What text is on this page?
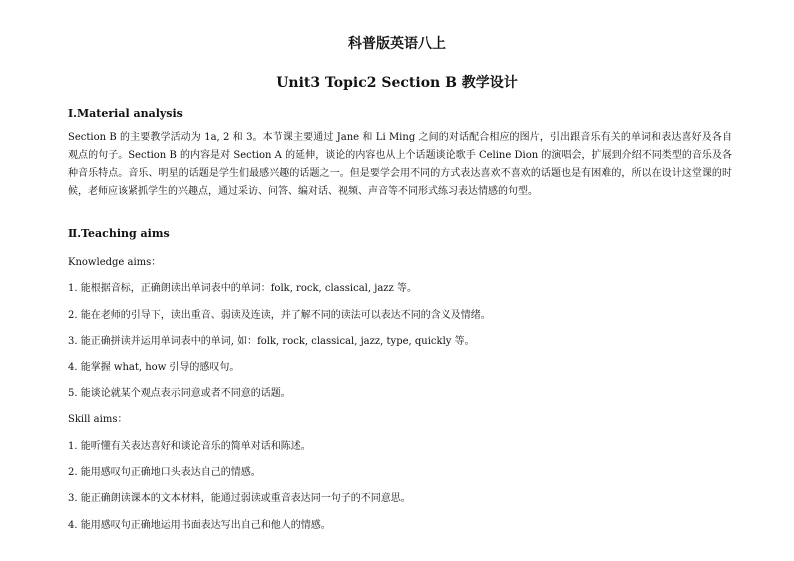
科普版英语八上
Unit3 Topic2 Section B 教学设计
Ⅰ.Material analysis
Section B 的主要教学活动为 1a, 2 和 3。本节课主要通过 Jane 和 Li Ming 之间的对话配合相应的图片，引出跟音乐有关的单词和表达喜好及各自观点的句子。Section B 的内容是对 Section A 的延伸，谈论的内容也从上个话题谈论歌手 Celine Dion 的演唱会，扩展到介绍不同类型的音乐及各种音乐特点。音乐、明星的话题是学生们最感兴趣的话题之一。但是要学会用不同的方式表达喜欢不喜欢的话题也是有困难的，所以在设计这堂课的时候，老师应该紧抓学生的兴趣点，通过采访、问答、编对话、视频、声音等不同形式练习表达情感的句型。
Ⅱ.Teaching aims
Knowledge aims：
1. 能根据音标，正确朗读出单词表中的单词：folk, rock, classical, jazz 等。
2. 能在老师的引导下，读出重音、弱读及连读，并了解不同的读法可以表达不同的含义及情绪。
3. 能正确拼读并运用单词表中的单词, 如：folk, rock, classical, jazz, type, quickly 等。
4. 能掌握 what, how 引导的感叹句。
5. 能谈论就某个观点表示同意或者不同意的话题。
Skill aims：
1. 能听懂有关表达喜好和谈论音乐的简单对话和陈述。
2. 能用感叹句正确地口头表达自己的情感。
3. 能正确朗读课本的文本材料，能通过弱读或重音表达同一句子的不同意思。
4. 能用感叹句正确地运用书面表达写出自己和他人的情感。
